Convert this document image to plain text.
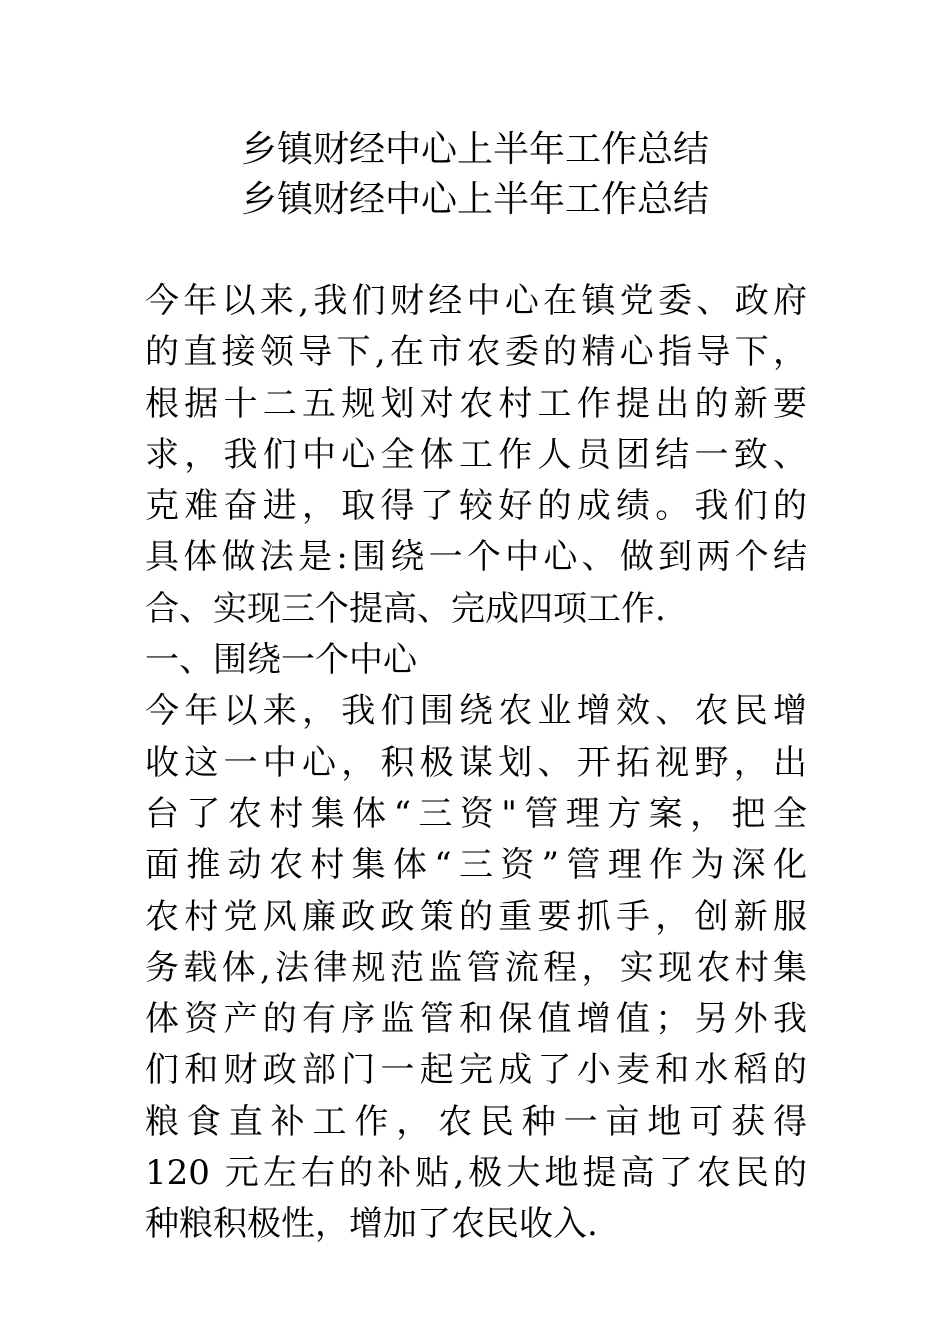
乡镇财经中心上半年工作总结
乡镇财经中心上半年工作总结
今年以来,我们财经中心在镇党委、政府
的直接领导下,在市农委的精心指导下，
根据十二五规划对农村工作提出的新要
求，我们中心全体工作人员团结一致、
克难奋进，取得了较好的成绩。我们的
具体做法是:围绕一个中心、做到两个结
合、实现三个提高、完成四项工作.
一、围绕一个中心
今年以来，我们围绕农业增效、农民增
收这一中心，积极谋划、开拓视野，出
台了农村集体“三资"管理方案，把全
面推动农村集体“三资”管理作为深化
农村党风廉政政策的重要抓手，创新服
务载体,法律规范监管流程，实现农村集
体资产的有序监管和保值增值；另外我
们和财政部门一起完成了小麦和水稻的
粮食直补工作，农民种一亩地可获得
120 元左右的补贴,极大地提高了农民的
种粮积极性，增加了农民收入.
